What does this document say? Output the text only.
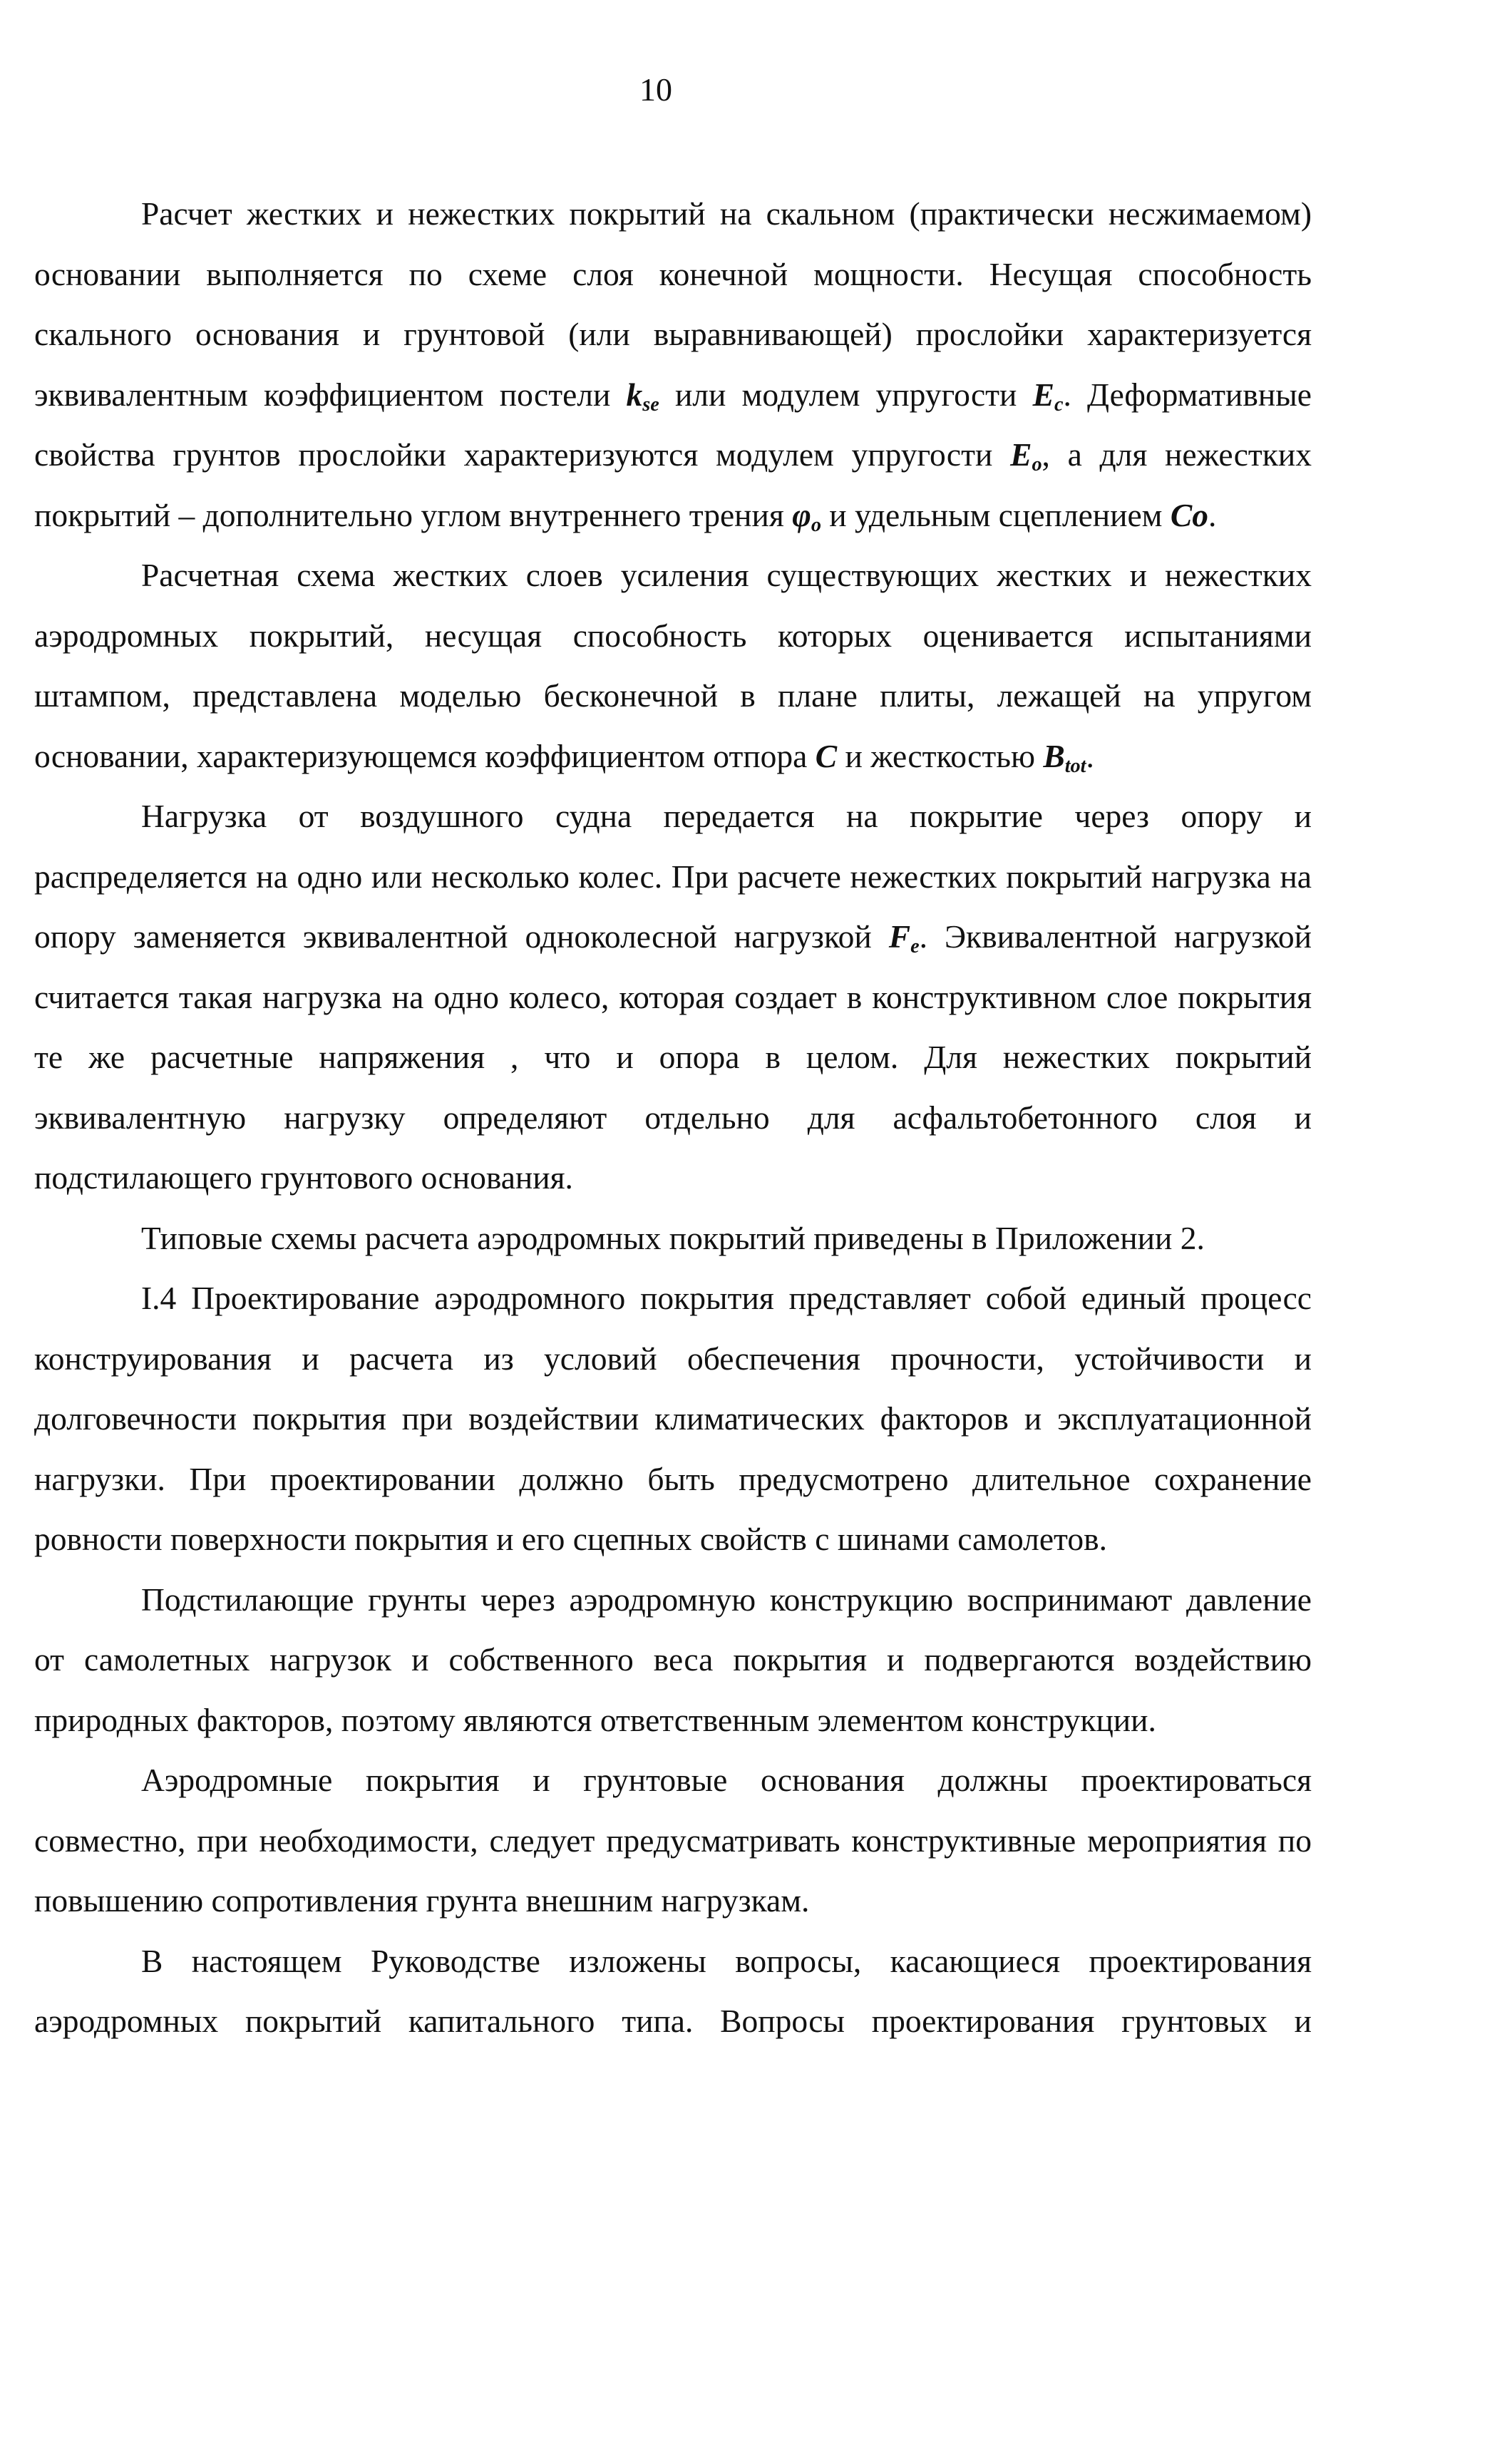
10

Расчет жестких и нежестких покрытий на скальном (практически несжимаемом) основании выполняется по схеме слоя конечной мощности. Несущая способность скального основания и грунтовой (или выравнивающей) прослойки характеризуется эквивалентным коэффициентом постели $k_{se}$ или модулем упругости $E_c$. Деформативные свойства грунтов прослойки характеризуются модулем упругости $E_o$, а для нежестких покрытий – дополнительно углом внутреннего трения $\varphi_o$ и удельным сцеплением Co.

Расчетная схема жестких слоев усиления существующих жестких и нежестких аэродромных покрытий, несущая способность которых оценивается испытаниями штампом, представлена моделью бесконечной в плане плиты, лежащей на упругом основании, характеризующемся коэффициентом отпора C и жесткостью $B_{tot}$.

Нагрузка от воздушного судна передается на покрытие через опору и распределяется на одно или несколько колес. При расчете нежестких покрытий нагрузка на опору заменяется эквивалентной одноколесной нагрузкой $F_e$. Эквивалентной нагрузкой считается такая нагрузка на одно колесо, которая создает в конструктивном слое покрытия те же расчетные напряжения , что и опора в целом. Для нежестких покрытий эквивалентную нагрузку определяют отдельно для асфальтобетонного слоя и подстилающего грунтового основания.

Типовые схемы расчета аэродромных покрытий приведены в Приложении 2.

I.4 Проектирование аэродромного покрытия представляет собой единый процесс конструирования и расчета из условий обеспечения прочности, устойчивости и долговечности покрытия при воздействии климатических факторов и эксплуатационной нагрузки. При проектировании должно быть предусмотрено длительное сохранение ровности поверхности покрытия и его сцепных свойств с шинами самолетов.

Подстилающие грунты через аэродромную конструкцию воспринимают давление от самолетных нагрузок и собственного веса покрытия и подвергаются воздействию природных факторов, поэтому являются ответственным элементом конструкции.

Аэродромные покрытия и грунтовые основания должны проектироваться совместно, при необходимости, следует предусматривать конструктивные мероприятия по повышению сопротивления грунта внешним нагрузкам.

В настоящем Руководстве изложены вопросы, касающиеся проектирования аэродромных покрытий капитального типа. Вопросы проектирования грунтовых и
